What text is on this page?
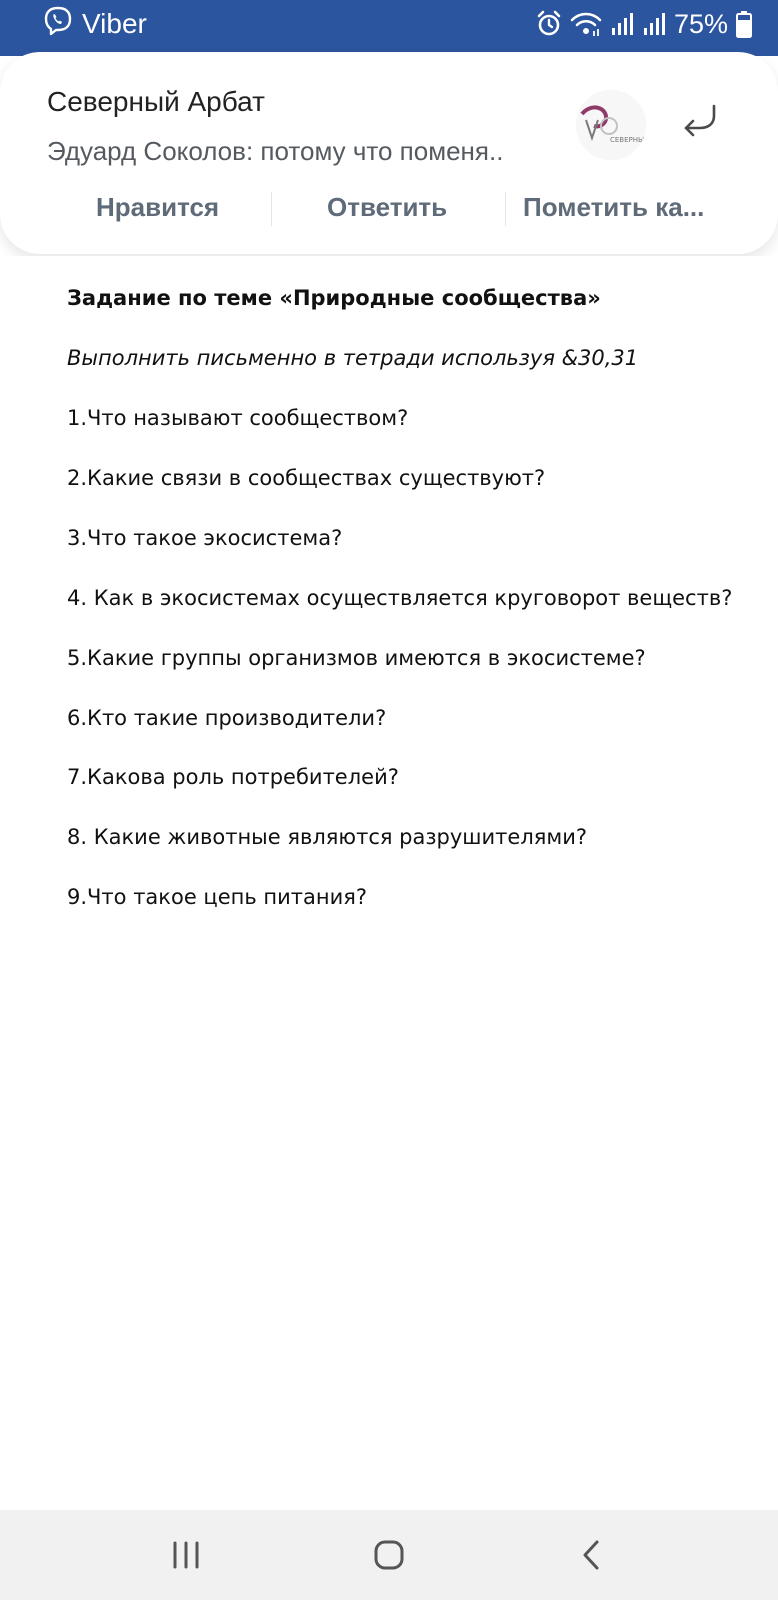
Viber	75%
Северный Арбат
Эдуард Соколов: потому что поменя..	СЕВЕРНЫ
Нравится	Ответить	Пометить ка...
Задание по теме «Природные сообщества»
Выполнить письменно в тетради используя &30,31
1.Что называют сообществом?
2.Какие связи в сообществах существуют?
3.Что такое экосистема?
4. Как в экосистемах осуществляется круговорот веществ?
5.Какие группы организмов имеются в экосистеме?
6.Кто такие производители?
7.Какова роль потребителей?
8. Какие животные являются разрушителями?
9.Что такое цепь питания?
